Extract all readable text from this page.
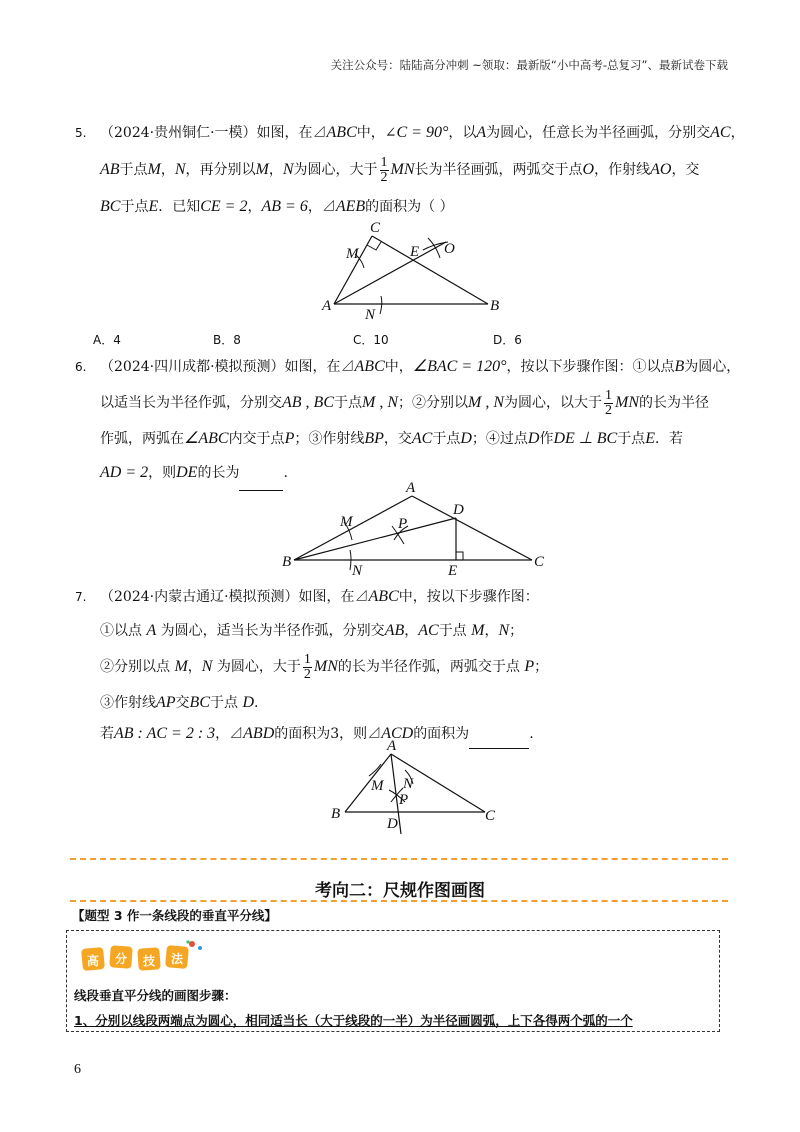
关注公众号：陆陆高分冲刺 ~领取：最新版“小中高考-总复习”、最新试卷下载
5. （2024·贵州铜仁·一模）如图，在⊿ABC中，∠C = 90°，以A为圆心，任意长为半径画弧，分别交AC，
AB于点M，N，再分别以M，N为圆心，大于 $\frac{1}{2}$ MN长为半径画弧，两弧交于点O，作射线AO，交
BC于点E．已知CE = 2，AB = 6，⊿AEB的面积为（ ）
C
M	E O
A	B
N
A．4	B．8	C．10	D．6
6. （2024·四川成都·模拟预测）如图，在⊿ABC中，∠BAC = 120°，按以下步骤作图：①以点B为圆心，
以适当长为半径作弧，分别交AB , BC于点M , N；②分别以M , N为圆心，以大于 $\frac{1}{2}$ MN的长为半径
作弧，两弧在∠ABC内交于点P；③作射线BP，交AC于点D；④过点D作DE ⊥ BC于点E．若
AD = 2，则DE的长为	.
A
D
M	P
B
N	E
C
7. （2024·内蒙古通辽·模拟预测）如图，在⊿ABC中，按以下步骤作图：
①以点 A 为圆心，适当长为半径作弧，分别交AB，AC于点 M，N；
②分别以点 M，N 为圆心，大于 $\frac{1}{2}$ MN的长为半径作弧，两弧交于点 P；
③作射线AP交BC于点 D.
若AB : AC = 2 : 3，⊿ABD的面积为3，则⊿ACD的面积为	.
A
M N
P
B
D	C
考向二：尺规作图画图
【题型 3 作一条线段的垂直平分线】
高 分 技 法
线段垂直平分线的画图步骤：
1、分别以线段两端点为圆心，相同适当长（大于线段的一半）为半径画圆弧，上下各得两个弧的一个
6
